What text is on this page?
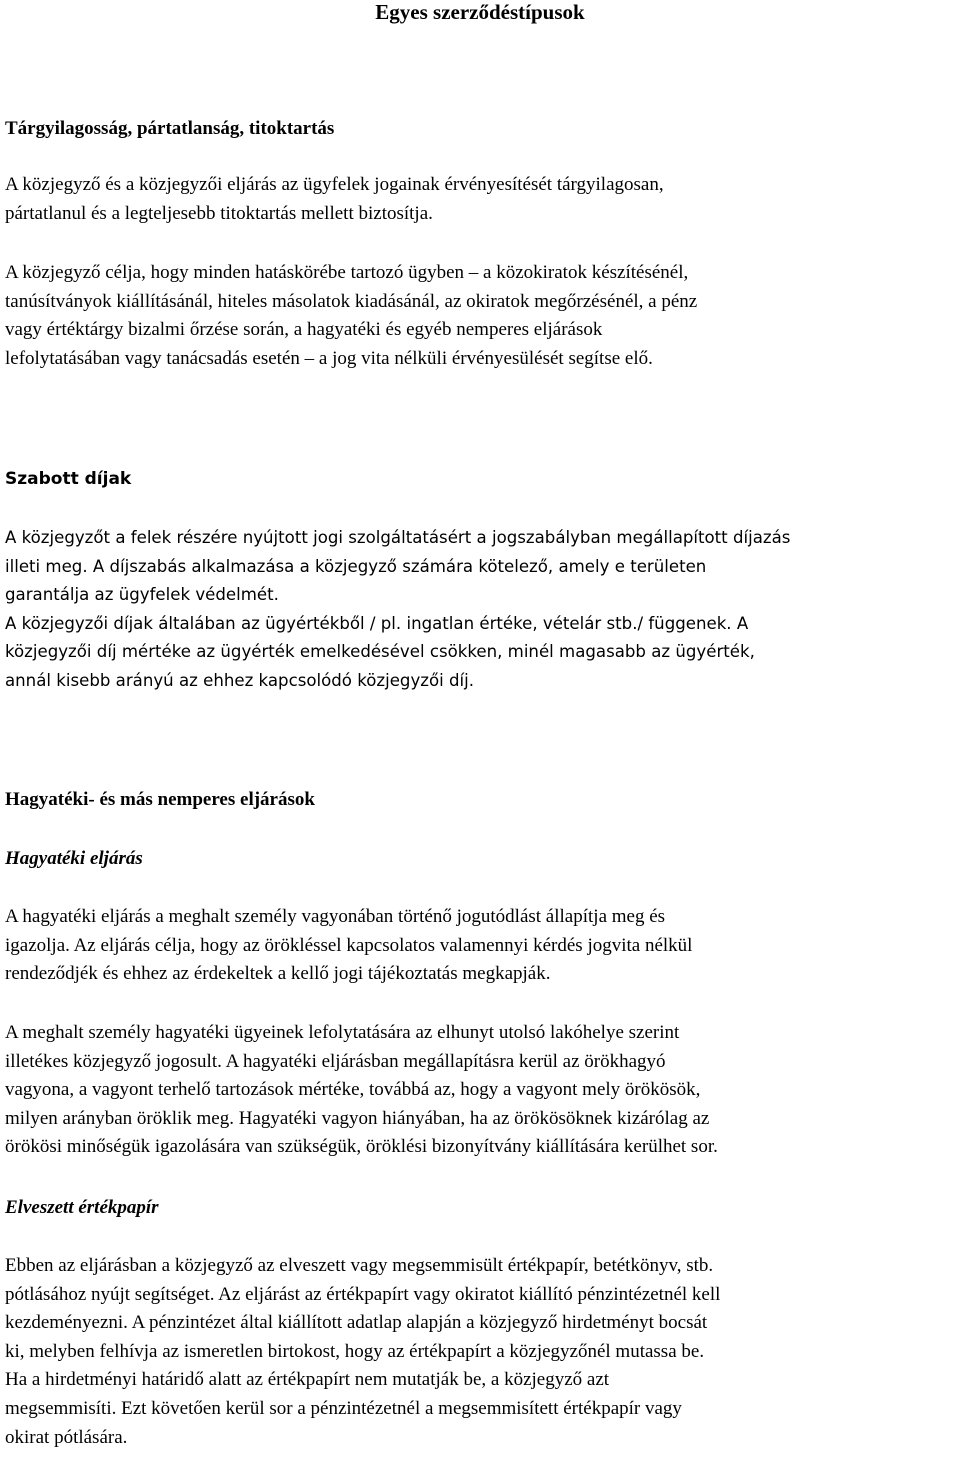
Egyes szerződéstípusok
Tárgyilagosság, pártatlanság, titoktartás

A közjegyző és a közjegyzői eljárás az ügyfelek jogainak érvényesítését tárgyilagosan,
pártatlanul és a legteljesebb titoktartás mellett biztosítja.

A közjegyző célja, hogy minden hatáskörébe tartozó ügyben – a közokiratok készítésénél,
tanúsítványok kiállításánál, hiteles másolatok kiadásánál, az okiratok megőrzésénél, a pénz
vagy értéktárgy bizalmi őrzése során, a hagyatéki és egyéb nemperes eljárások
lefolytatásában vagy tanácsadás esetén – a jog vita nélküli érvényesülését segítse elő.

Szabott díjak

A közjegyzőt a felek részére nyújtott jogi szolgáltatásért a jogszabályban megállapított díjazás
illeti meg. A díjszabás alkalmazása a közjegyző számára kötelező, amely e területen
garantálja az ügyfelek védelmét.
A közjegyzői díjak általában az ügyértékből / pl. ingatlan értéke, vételár stb./ függenek. A
közjegyzői díj mértéke az ügyérték emelkedésével csökken, minél magasabb az ügyérték,
annál kisebb arányú az ehhez kapcsolódó közjegyzői díj.

Hagyatéki- és más nemperes eljárások
Hagyatéki eljárás

A hagyatéki eljárás a meghalt személy vagyonában történő jogutódlást állapítja meg és
igazolja. Az eljárás célja, hogy az örökléssel kapcsolatos valamennyi kérdés jogvita nélkül
rendeződjék és ehhez az érdekeltek a kellő jogi tájékoztatás megkapják.

A meghalt személy hagyatéki ügyeinek lefolytatására az elhunyt utolsó lakóhelye szerint
illetékes közjegyző jogosult. A hagyatéki eljárásban megállapításra kerül az örökhagyó
vagyona, a vagyont terhelő tartozások mértéke, továbbá az, hogy a vagyont mely örökösök,
milyen arányban öröklik meg. Hagyatéki vagyon hiányában, ha az örökösöknek kizárólag az
örökösi minőségük igazolására van szükségük, öröklési bizonyítvány kiállítására kerülhet sor.

Elveszett értékpapír

Ebben az eljárásban a közjegyző az elveszett vagy megsemmisült értékpapír, betétkönyv, stb.
pótlásához nyújt segítséget. Az eljárást az értékpapírt vagy okiratot kiállító pénzintézetnél kell
kezdeményezni. A pénzintézet által kiállított adatlap alapján a közjegyző hirdetményt bocsát
ki, melyben felhívja az ismeretlen birtokost, hogy az értékpapírt a közjegyzőnél mutassa be.
Ha a hirdetményi határidő alatt az értékpapírt nem mutatják be, a közjegyző azt
megsemmisíti. Ezt követően kerül sor a pénzintézetnél a megsemmisített értékpapír vagy
okirat pótlására.
